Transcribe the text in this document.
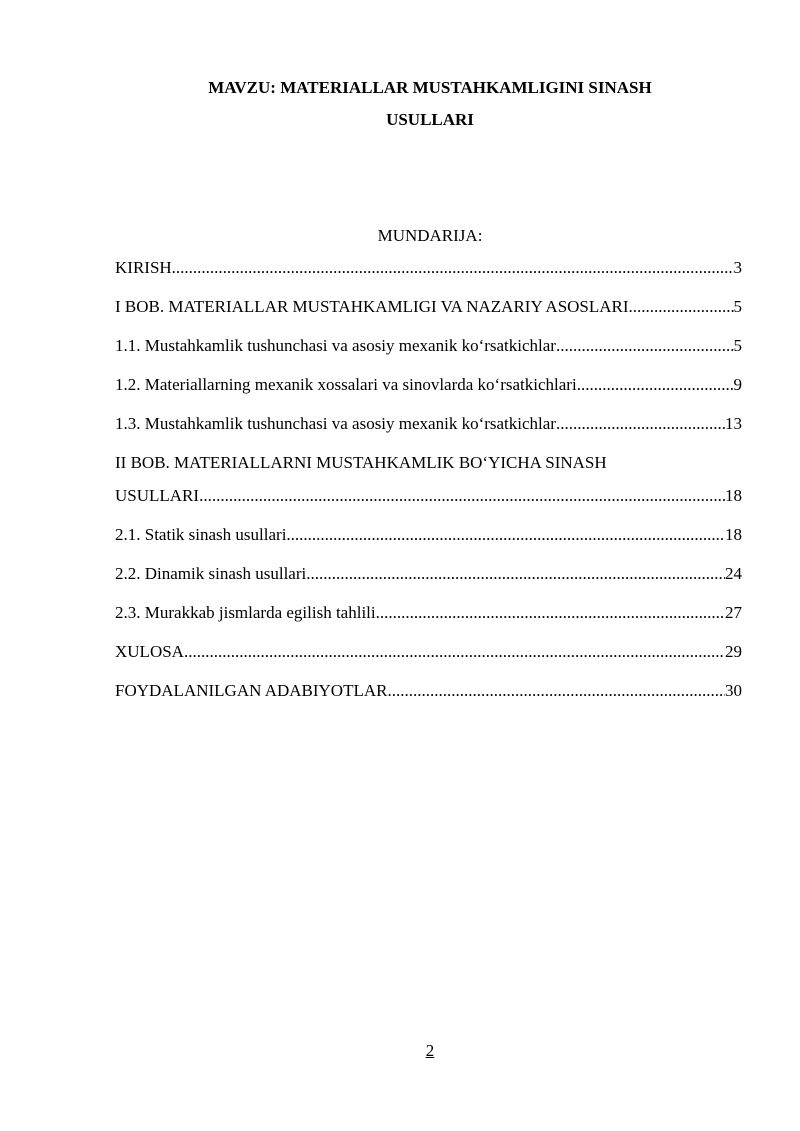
MAVZU: MATERIALLAR MUSTAHKAMLIGINI SINASH
USULLARI
MUNDARIJA:
KIRISH .....	3
I BOB. MATERIALLAR MUSTAHKAMLIGI VA NAZARIY ASOSLARI .....	5
1.1. Mustahkamlik tushunchasi va asosiy mexanik ko‘rsatkichlar .....	5
1.2. Materiallarning mexanik xossalari va sinovlarda ko‘rsatkichlari .....	9
1.3. Mustahkamlik tushunchasi va asosiy mexanik ko‘rsatkichlar .....	13
II BOB. MATERIALLARNI MUSTAHKAMLIK BO‘YICHA SINASH
USULLARI .....	18
2.1. Statik sinash usullari .....	18
2.2. Dinamik sinash usullari .....	24
2.3. Murakkab jismlarda egilish tahlili .....	27
XULOSA .....	29
FOYDALANILGAN ADABIYOTLAR .....	30
2
